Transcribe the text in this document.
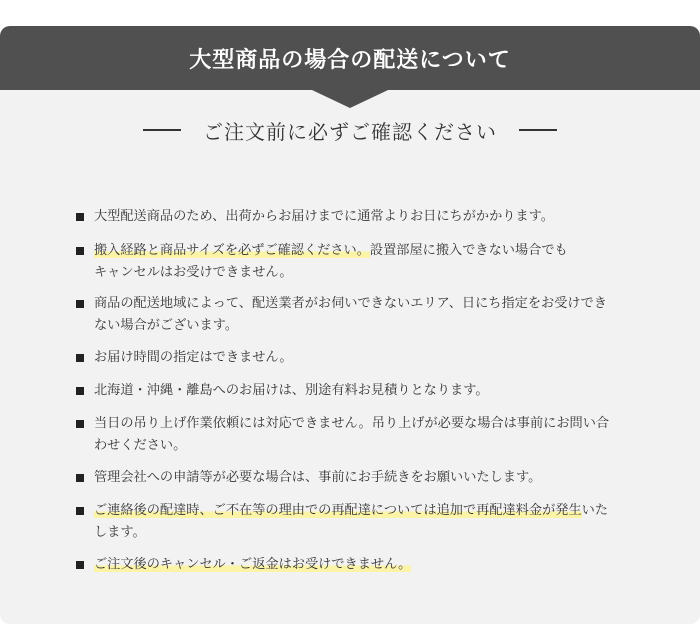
大型商品の場合の配送について
ご注文前に必ずご確認ください
大型配送商品のため、出荷からお届けまでに通常よりお日にちがかかります。
搬入経路と商品サイズを必ずご確認ください。設置部屋に搬入できない場合でも
キャンセルはお受けできません。
商品の配送地域によって、配送業者がお伺いできないエリア、日にち指定をお受けでき
ない場合がございます。
お届け時間の指定はできません。
北海道・沖縄・離島へのお届けは、別途有料お見積りとなります。
当日の吊り上げ作業依頼には対応できません。吊り上げが必要な場合は事前にお問い合
わせください。
管理会社への申請等が必要な場合は、事前にお手続きをお願いいたします。
ご連絡後の配達時、ご不在等の理由での再配達については追加で再配達料金が発生いた
します。
ご注文後のキャンセル・ご返金はお受けできません。
